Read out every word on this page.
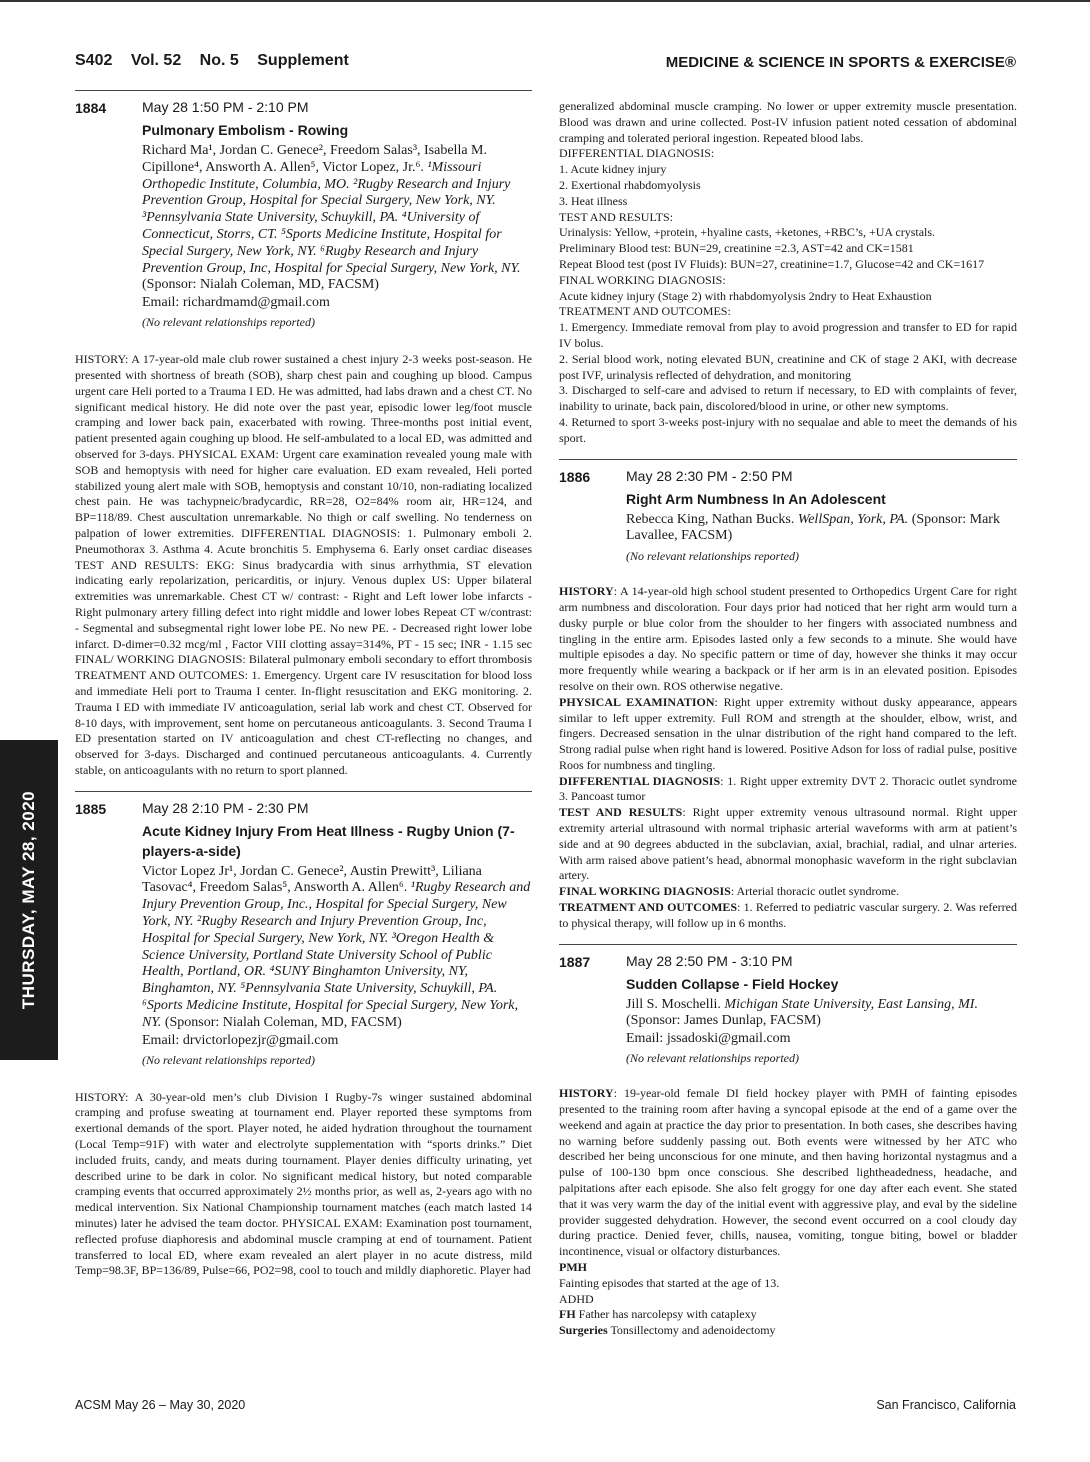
S402 Vol. 52 No. 5 Supplement	MEDICINE & SCIENCE IN SPORTS & EXERCISE®
THURSDAY, MAY 28, 2020
1884	May 28 1:50 PM - 2:10 PM
Pulmonary Embolism - Rowing
Richard Ma¹, Jordan C. Genece², Freedom Salas³, Isabella M. Cipillone⁴, Answorth A. Allen⁵, Victor Lopez, Jr.⁶. ¹Missouri Orthopedic Institute, Columbia, MO. ²Rugby Research and Injury Prevention Group, Hospital for Special Surgery, New York, NY. ³Pennsylvania State University, Schuykill, PA. ⁴University of Connecticut, Storrs, CT. ⁵Sports Medicine Institute, Hospital for Special Surgery, New York, NY. ⁶Rugby Research and Injury Prevention Group, Inc, Hospital for Special Surgery, New York, NY. (Sponsor: Nialah Coleman, MD, FACSM)
Email: richardmamd@gmail.com
(No relevant relationships reported)
HISTORY: A 17-year-old male club rower sustained a chest injury 2-3 weeks post-season. He presented with shortness of breath (SOB), sharp chest pain and coughing up blood. Campus urgent care Heli ported to a Trauma I ED. He was admitted, had labs drawn and a chest CT. No significant medical history. He did note over the past year, episodic lower leg/foot muscle cramping and lower back pain, exacerbated with rowing. Three-months post initial event, patient presented again coughing up blood. He self-ambulated to a local ED, was admitted and observed for 3-days. PHYSICAL EXAM: Urgent care examination revealed young male with SOB and hemoptysis with need for higher care evaluation. ED exam revealed, Heli ported stabilized young alert male with SOB, hemoptysis and constant 10/10, non-radiating localized chest pain. He was tachypneic/bradycardic, RR=28, O2=84% room air, HR=124, and BP=118/89. Chest auscultation unremarkable. No thigh or calf swelling. No tenderness on palpation of lower extremities. DIFFERENTIAL DIAGNOSIS: 1. Pulmonary emboli 2. Pneumothorax 3. Asthma 4. Acute bronchitis 5. Emphysema 6. Early onset cardiac diseases TEST AND RESULTS: EKG: Sinus bradycardia with sinus arrhythmia, ST elevation indicating early repolarization, pericarditis, or injury. Venous duplex US: Upper bilateral extremities was unremarkable. Chest CT w/ contrast: - Right and Left lower lobe infarcts - Right pulmonary artery filling defect into right middle and lower lobes Repeat CT w/contrast: - Segmental and subsegmental right lower lobe PE. No new PE. - Decreased right lower lobe infarct. D-dimer=0.32 mcg/ml , Factor VIII clotting assay=314%, PT - 15 sec; INR - 1.15 sec FINAL/ WORKING DIAGNOSIS: Bilateral pulmonary emboli secondary to effort thrombosis TREATMENT AND OUTCOMES: 1. Emergency. Urgent care IV resuscitation for blood loss and immediate Heli port to Trauma I center. In-flight resuscitation and EKG monitoring. 2. Trauma I ED with immediate IV anticoagulation, serial lab work and chest CT. Observed for 8-10 days, with improvement, sent home on percutaneous anticoagulants. 3. Second Trauma I ED presentation started on IV anticoagulation and chest CT-reflecting no changes, and observed for 3-days. Discharged and continued percutaneous anticoagulants. 4. Currently stable, on anticoagulants with no return to sport planned.
1885	May 28 2:10 PM - 2:30 PM
Acute Kidney Injury From Heat Illness - Rugby Union (7-players-a-side)
Victor Lopez Jr¹, Jordan C. Genece², Austin Prewitt³, Liliana Tasovac⁴, Freedom Salas⁵, Answorth A. Allen⁶. ¹Rugby Research and Injury Prevention Group, Inc., Hospital for Special Surgery, New York, NY. ²Rugby Research and Injury Prevention Group, Inc, Hospital for Special Surgery, New York, NY. ³Oregon Health & Science University, Portland State University School of Public Health, Portland, OR. ⁴SUNY Binghamton University, NY, Binghamton, NY. ⁵Pennsylvania State University, Schuykill, PA. ⁶Sports Medicine Institute, Hospital for Special Surgery, New York, NY. (Sponsor: Nialah Coleman, MD, FACSM)
Email: drvictorlopezjr@gmail.com
(No relevant relationships reported)
HISTORY: A 30-year-old men’s club Division I Rugby-7s winger sustained abdominal cramping and profuse sweating at tournament end. Player reported these symptoms from exertional demands of the sport. Player noted, he aided hydration throughout the tournament (Local Temp=91F) with water and electrolyte supplementation with “sports drinks.” Diet included fruits, candy, and meats during tournament. Player denies difficulty urinating, yet described urine to be dark in color. No significant medical history, but noted comparable cramping events that occurred approximately 2½ months prior, as well as, 2-years ago with no medical intervention. Six National Championship tournament matches (each match lasted 14 minutes) later he advised the team doctor. PHYSICAL EXAM: Examination post tournament, reflected profuse diaphoresis and abdominal muscle cramping at end of tournament. Patient transferred to local ED, where exam revealed an alert player in no acute distress, mild Temp=98.3F, BP=136/89, Pulse=66, PO2=98, cool to touch and mildly diaphoretic. Player had

generalized abdominal muscle cramping. No lower or upper extremity muscle presentation. Blood was drawn and urine collected. Post-IV infusion patient noted cessation of abdominal cramping and tolerated perioral ingestion. Repeated blood labs.

DIFFERENTIAL DIAGNOSIS:

1. Acute kidney injury

2. Exertional rhabdomyolysis

3. Heat illness

TEST AND RESULTS:

Urinalysis: Yellow, +protein, +hyaline casts, +ketones, +RBC’s, +UA crystals.

Preliminary Blood test: BUN=29, creatinine =2.3, AST=42 and CK=1581

Repeat Blood test (post IV Fluids): BUN=27, creatinine=1.7, Glucose=42 and CK=1617

FINAL WORKING DIAGNOSIS:

Acute kidney injury (Stage 2) with rhabdomyolysis 2ndry to Heat Exhaustion

TREATMENT AND OUTCOMES:

1. Emergency. Immediate removal from play to avoid progression and transfer to ED for rapid IV bolus.

2. Serial blood work, noting elevated BUN, creatinine and CK of stage 2 AKI, with decrease post IVF, urinalysis reflected of dehydration, and monitoring

3. Discharged to self-care and advised to return if necessary, to ED with complaints of fever, inability to urinate, back pain, discolored/blood in urine, or other new symptoms.

4. Returned to sport 3-weeks post-injury with no sequalae and able to meet the demands of his sport.

1886	May 28 2:30 PM - 2:50 PM
Right Arm Numbness In An Adolescent
Rebecca King, Nathan Bucks. WellSpan, York, PA. (Sponsor: Mark Lavallee, FACSM)
(No relevant relationships reported)

HISTORY: A 14-year-old high school student presented to Orthopedics Urgent Care for right arm numbness and discoloration. Four days prior had noticed that her right arm would turn a dusky purple or blue color from the shoulder to her fingers with associated numbness and tingling in the entire arm. Episodes lasted only a few seconds to a minute. She would have multiple episodes a day. No specific pattern or time of day, however she thinks it may occur more frequently while wearing a backpack or if her arm is in an elevated position. Episodes resolve on their own. ROS otherwise negative.

PHYSICAL EXAMINATION: Right upper extremity without dusky appearance, appears similar to left upper extremity. Full ROM and strength at the shoulder, elbow, wrist, and fingers. Decreased sensation in the ulnar distribution of the right hand compared to the left. Strong radial pulse when right hand is lowered. Positive Adson for loss of radial pulse, positive Roos for numbness and tingling.

DIFFERENTIAL DIAGNOSIS: 1. Right upper extremity DVT 2. Thoracic outlet syndrome 3. Pancoast tumor

TEST AND RESULTS: Right upper extremity venous ultrasound normal. Right upper extremity arterial ultrasound with normal triphasic arterial waveforms with arm at patient’s side and at 90 degrees abducted in the subclavian, axial, brachial, radial, and ulnar arteries. With arm raised above patient’s head, abnormal monophasic waveform in the right subclavian artery.

FINAL WORKING DIAGNOSIS: Arterial thoracic outlet syndrome.

TREATMENT AND OUTCOMES: 1. Referred to pediatric vascular surgery. 2. Was referred to physical therapy, will follow up in 6 months.

1887	May 28 2:50 PM - 3:10 PM
Sudden Collapse - Field Hockey
Jill S. Moschelli. Michigan State University, East Lansing, MI. (Sponsor: James Dunlap, FACSM)
Email: jssadoski@gmail.com
(No relevant relationships reported)

HISTORY: 19-year-old female DI field hockey player with PMH of fainting episodes presented to the training room after having a syncopal episode at the end of a game over the weekend and again at practice the day prior to presentation. In both cases, she describes having no warning before suddenly passing out. Both events were witnessed by her ATC who described her being unconscious for one minute, and then having horizontal nystagmus and a pulse of 100-130 bpm once conscious. She described lightheadedness, headache, and palpitations after each episode. She also felt groggy for one day after each event. She stated that it was very warm the day of the initial event with aggressive play, and eval by the sideline provider suggested dehydration. However, the second event occurred on a cool cloudy day during practice. Denied fever, chills, nausea, vomiting, tongue biting, bowel or bladder incontinence, visual or olfactory disturbances.

PMH

Fainting episodes that started at the age of 13.

ADHD

FH Father has narcolepsy with cataplexy

Surgeries Tonsillectomy and adenoidectomy

ACSM May 26 – May 30, 2020	San Francisco, California
